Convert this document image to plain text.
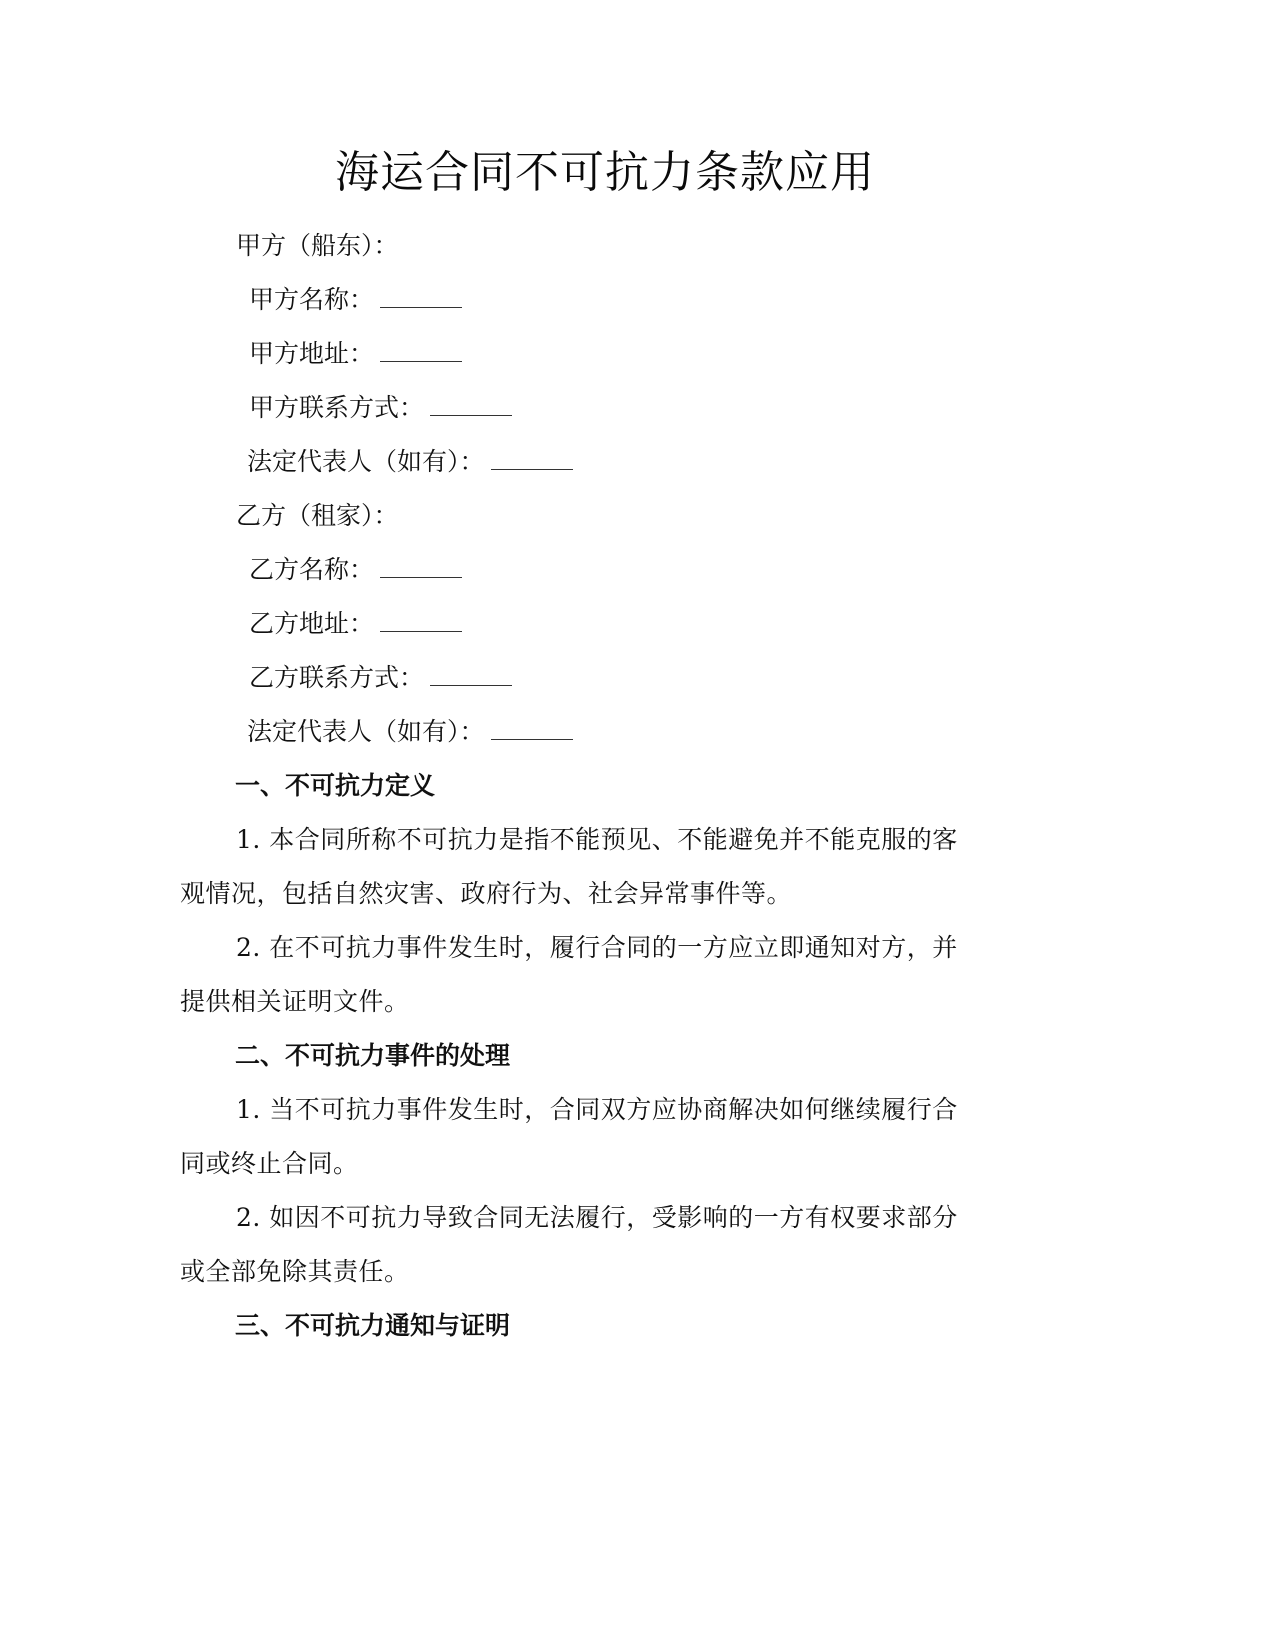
海运合同不可抗力条款应用
甲方（船东）：
甲方名称：
甲方地址：
甲方联系方式：
法定代表人（如有）：
乙方（租家）：
乙方名称：
乙方地址：
乙方联系方式：
法定代表人（如有）：
一、不可抗力定义
1. 本合同所称不可抗力是指不能预见、不能避免并不能克服的客
观情况，包括自然灾害、政府行为、社会异常事件等。
2. 在不可抗力事件发生时，履行合同的一方应立即通知对方，并
提供相关证明文件。
二、不可抗力事件的处理
1. 当不可抗力事件发生时，合同双方应协商解决如何继续履行合
同或终止合同。
2. 如因不可抗力导致合同无法履行，受影响的一方有权要求部分
或全部免除其责任。
三、不可抗力通知与证明
